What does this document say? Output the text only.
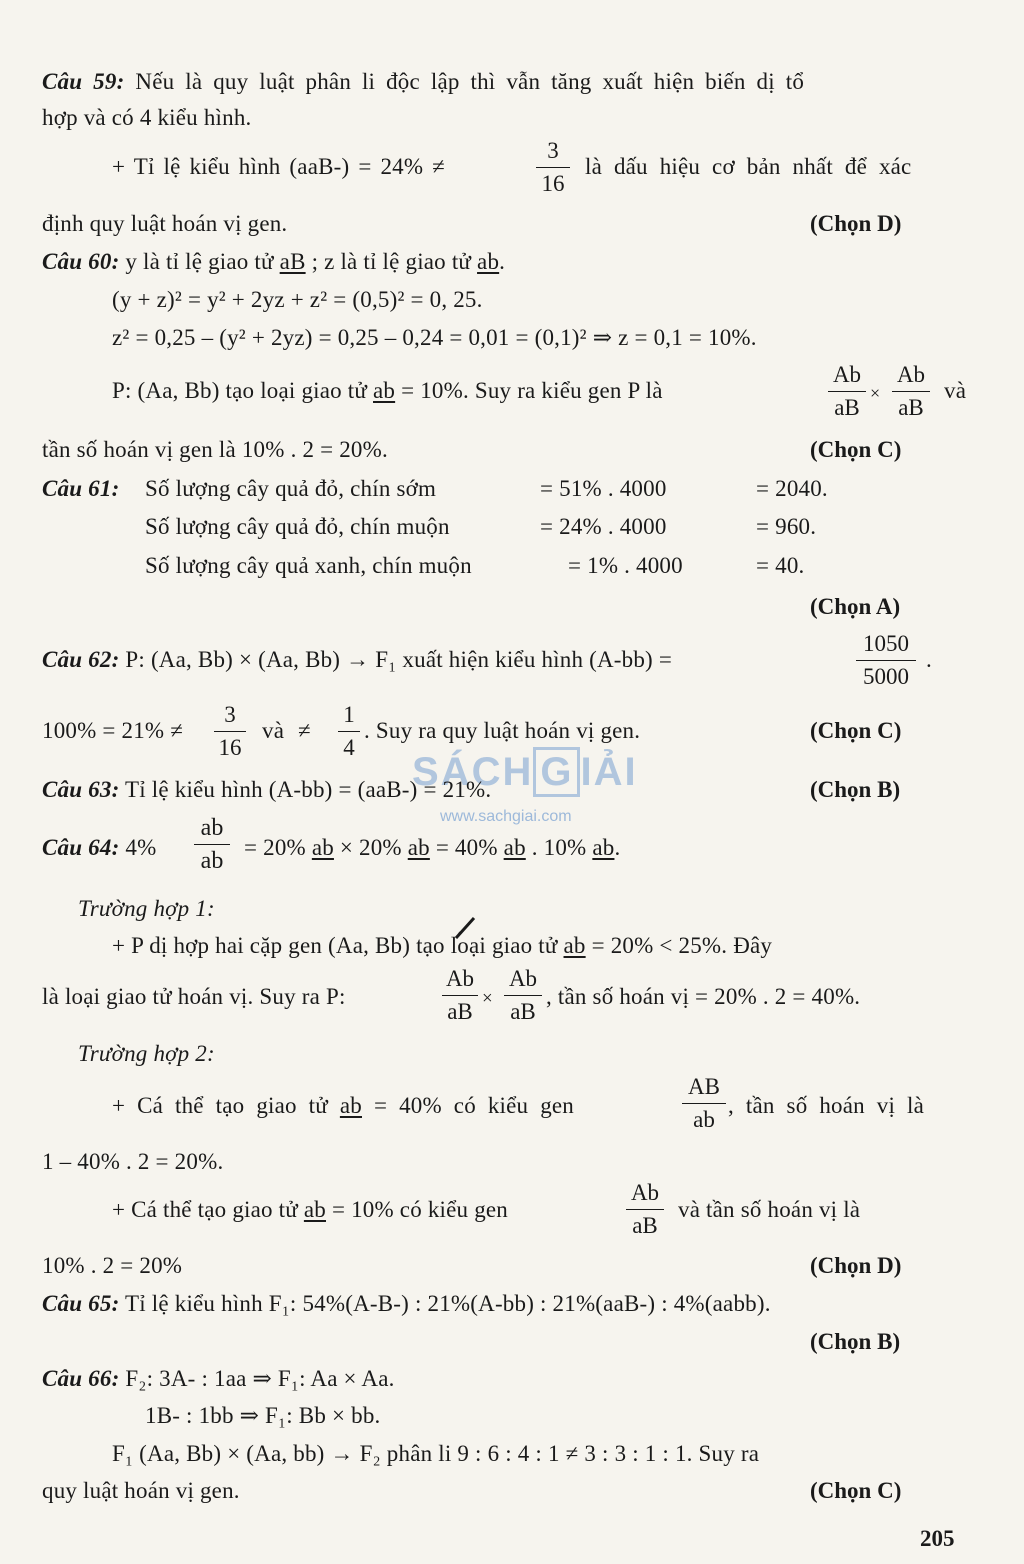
Câu 59: Nếu là quy luật phân li độc lập thì vẫn tăng xuất hiện biến dị tổ
hợp và có 4 kiểu hình.
+ Tỉ lệ kiểu hình (aaB-) = 24% ≠
3
16
là dấu hiệu cơ bản nhất để xác
định quy luật hoán vị gen.	(Chọn D)
Câu 60: y là tỉ lệ giao tử aB ; z là tỉ lệ giao tử ab.
(y + z)² = y² + 2yz + z² = (0,5)² = 0, 25.
z² = 0,25 – (y² + 2yz) = 0,25 – 0,24 = 0,01 = (0,1)² ⇒ z = 0,1 = 10%.
P: (Aa, Bb) tạo loại giao tử ab = 10%. Suy ra kiểu gen P là
Ab
aB
×
Ab
aB
và
tần số hoán vị gen là 10% . 2 = 20%.	(Chọn C)
Câu 61: Số lượng cây quả đỏ, chín sớm	= 51% . 4000	= 2040.
Số lượng cây quả đỏ, chín muộn	= 24% . 4000	= 960.
Số lượng cây quả xanh, chín muộn	= 1% . 4000	= 40.
(Chọn A)
Câu 62: P: (Aa, Bb) × (Aa, Bb) → F₁ xuất hiện kiểu hình (A-bb) =
1050
5000
.
100% = 21% ≠
3
16
và ≠
1
4
. Suy ra quy luật hoán vị gen.	(Chọn C)
SÁCH G IẢI
www.sachgiai.com
Câu 63: Tỉ lệ kiểu hình (A-bb) = (aaB-) = 21%.	(Chọn B)
Câu 64: 4%
ab
ab
= 20% ab × 20% ab = 40% ab . 10% ab.
Trường hợp 1:
+ P dị hợp hai cặp gen (Aa, Bb) tạo loại giao tử ab = 20% < 25%. Đây
là loại giao tử hoán vị. Suy ra P:
Ab
aB
×
Ab
aB
, tần số hoán vị = 20% . 2 = 40%.
Trường hợp 2:
+ Cá thể tạo giao tử ab = 40% có kiểu gen
AB
ab
, tần số hoán vị là
1 – 40% . 2 = 20%.
+ Cá thể tạo giao tử ab = 10% có kiểu gen
Ab
aB
và tần số hoán vị là
10% . 2 = 20%	(Chọn D)
Câu 65: Tỉ lệ kiểu hình F₁: 54%(A-B-) : 21%(A-bb) : 21%(aaB-) : 4%(aabb).
(Chọn B)
Câu 66: F₂: 3A- : 1aa ⇒ F₁: Aa × Aa.
1B- : 1bb ⇒ F₁: Bb × bb.
F₁ (Aa, Bb) × (Aa, bb) → F₂ phân li 9 : 6 : 4 : 1 ≠ 3 : 3 : 1 : 1. Suy ra
quy luật hoán vị gen.	(Chọn C)
205
